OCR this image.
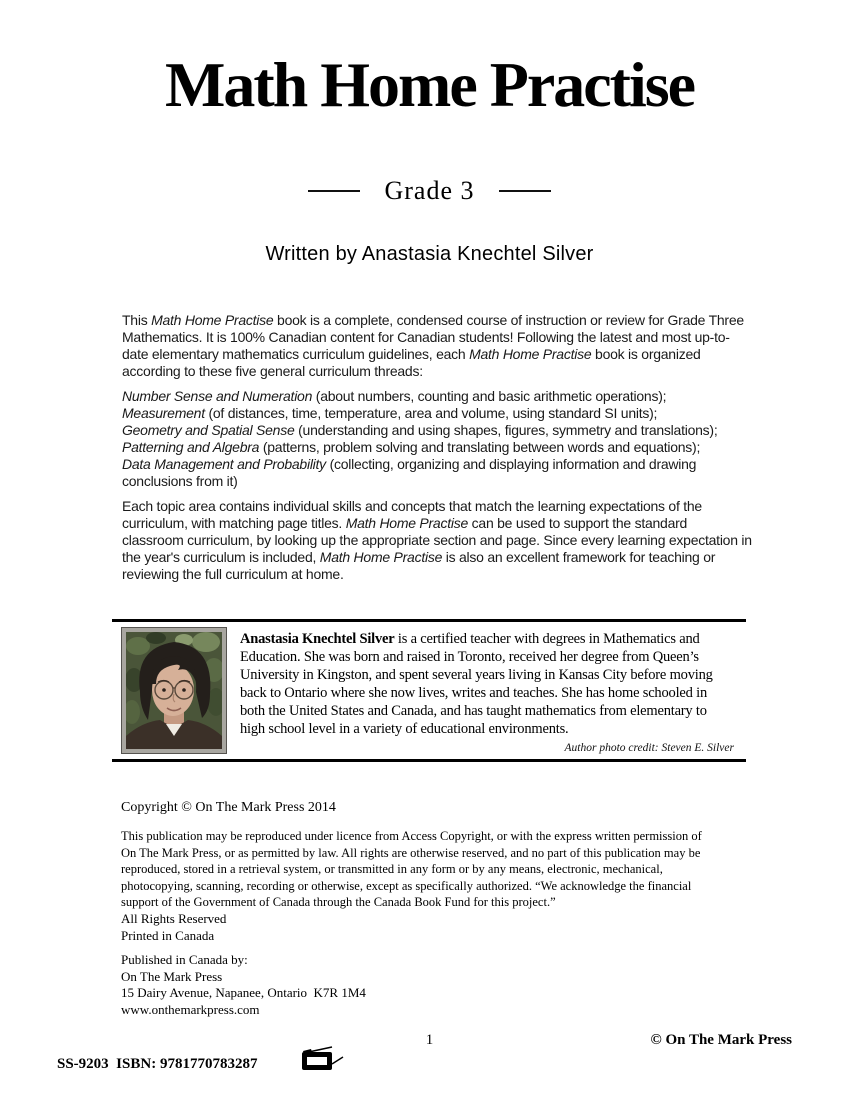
Math Home Practise
Grade 3
Written by Anastasia Knechtel Silver

This Math Home Practise book is a complete, condensed course of instruction or review for Grade Three Mathematics. It is 100% Canadian content for Canadian students! Following the latest and most up-to-date elementary mathematics curriculum guidelines, each Math Home Practise book is organized according to these five general curriculum threads:

Number Sense and Numeration (about numbers, counting and basic arithmetic operations);
Measurement (of distances, time, temperature, area and volume, using standard SI units);
Geometry and Spatial Sense (understanding and using shapes, figures, symmetry and translations);
Patterning and Algebra (patterns, problem solving and translating between words and equations);
Data Management and Probability (collecting, organizing and displaying information and drawing conclusions from it)

Each topic area contains individual skills and concepts that match the learning expectations of the curriculum, with matching page titles. Math Home Practise can be used to support the standard classroom curriculum, by looking up the appropriate section and page. Since every learning expectation in the year's curriculum is included, Math Home Practise is also an excellent framework for teaching or reviewing the full curriculum at home.

Anastasia Knechtel Silver is a certified teacher with degrees in Mathematics and Education. She was born and raised in Toronto, received her degree from Queen’s University in Kingston, and spent several years living in Kansas City before moving back to Ontario where she now lives, writes and teaches. She has home schooled in both the United States and Canada, and has taught mathematics from elementary to high school level in a variety of educational environments.
Author photo credit: Steven E. Silver
Copyright © On The Mark Press 2014
This publication may be reproduced under licence from Access Copyright, or with the express written permission of On The Mark Press, or as permitted by law. All rights are otherwise reserved, and no part of this publication may be reproduced, stored in a retrieval system, or transmitted in any form or by any means, electronic, mechanical, photocopying, scanning, recording or otherwise, except as specifically authorized. “We acknowledge the financial support of the Government of Canada through the Canada Book Fund for this project.”
All Rights Reserved
Printed in Canada
Published in Canada by:
On The Mark Press
15 Dairy Avenue, Napanee, Ontario  K7R 1M4
www.onthemarkpress.com
SS-9203  ISBN: 9781770783287

1	© On The Mark Press
